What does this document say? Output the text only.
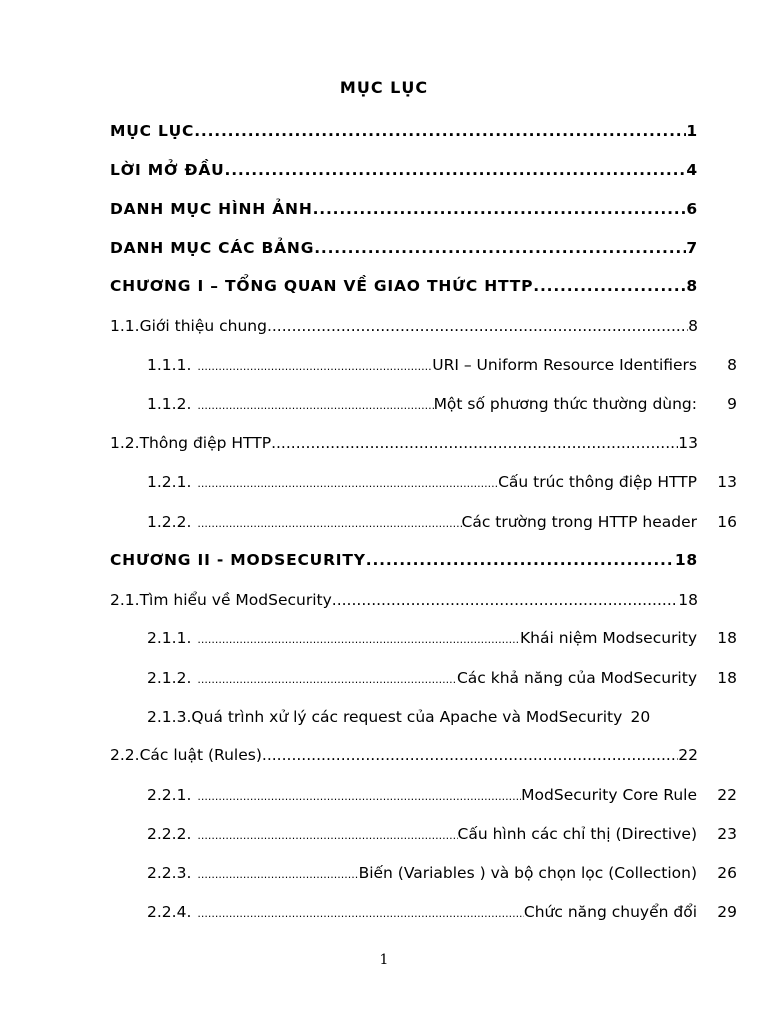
MỤC LỤC
MỤC LỤC .....	1
LỜI MỞ ĐẦU .....	4
DANH MỤC HÌNH ẢNH .....	6
DANH MỤC CÁC BẢNG .....	7
CHƯƠNG I – TỔNG QUAN VỀ GIAO THỨC HTTP .....	8
1.1.Giới thiệu chung .....	8
1.1.1. .....	URI – Uniform Resource Identifiers	8
1.1.2. .....	Một số phương thức thường dùng:	9
1.2.Thông điệp HTTP .....	13
1.2.1. .....	Cấu trúc thông điệp HTTP	13
1.2.2. .....	Các trường trong HTTP header	16
CHƯƠNG II - MODSECURITY .....	18
2.1.Tìm hiểu về ModSecurity .....	18
2.1.1. .....	Khái niệm Modsecurity	18
2.1.2. .....	Các khả năng của ModSecurity	18
2.1.3.Quá trình xử lý các request của Apache và ModSecurity 20
2.2.Các luật (Rules) .....	22
2.2.1. .....	ModSecurity Core Rule	22
2.2.2. .....	Cấu hình các chỉ thị (Directive)	23
2.2.3. .....	Biến (Variables ) và bộ chọn lọc (Collection)	26
2.2.4. .....	Chức năng chuyển đổi	29
1
